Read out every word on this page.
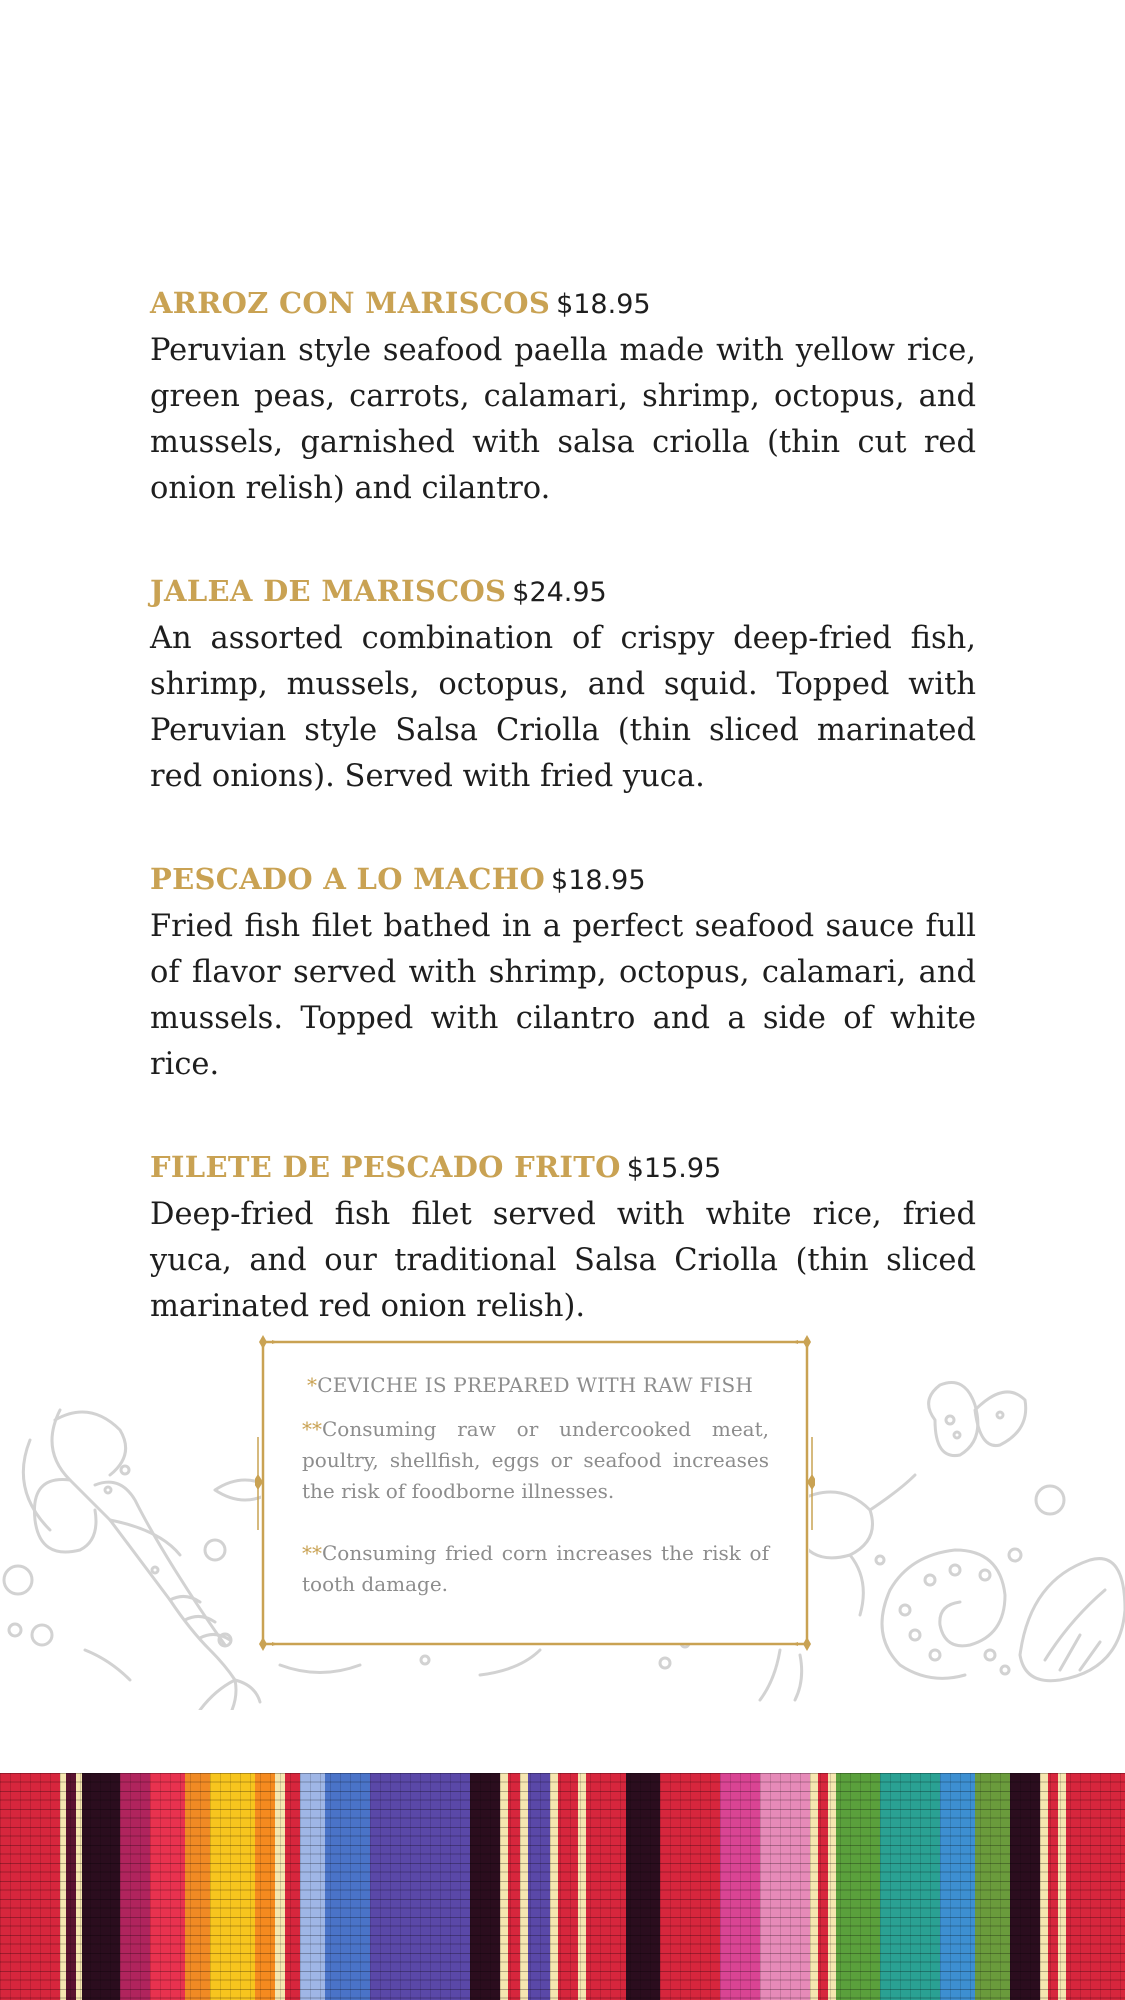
ARROZ CON MARISCOS $18.95

Peruvian style seafood paella made with yellow rice, green peas, carrots, calamari, shrimp, octopus, and mussels, garnished with salsa criolla (thin cut red onion relish) and cilantro.

JALEA DE MARISCOS $24.95

An assorted combination of crispy deep-fried fish, shrimp, mussels, octopus, and squid. Topped with Peruvian style Salsa Criolla (thin sliced marinated red onions). Served with fried yuca.

PESCADO A LO MACHO $18.95

Fried fish filet bathed in a perfect seafood sauce full of flavor served with shrimp, octopus, calamari, and mussels. Topped with cilantro and a side of white rice.

FILETE DE PESCADO FRITO $15.95

Deep-fried fish filet served with white rice, fried yuca, and our traditional Salsa Criolla (thin sliced marinated red onion relish).

*CEVICHE IS PREPARED WITH RAW FISH

**Consuming raw or undercooked meat, poultry, shellfish, eggs or seafood increases the risk of foodborne illnesses.

**Consuming fried corn increases the risk of tooth damage.
